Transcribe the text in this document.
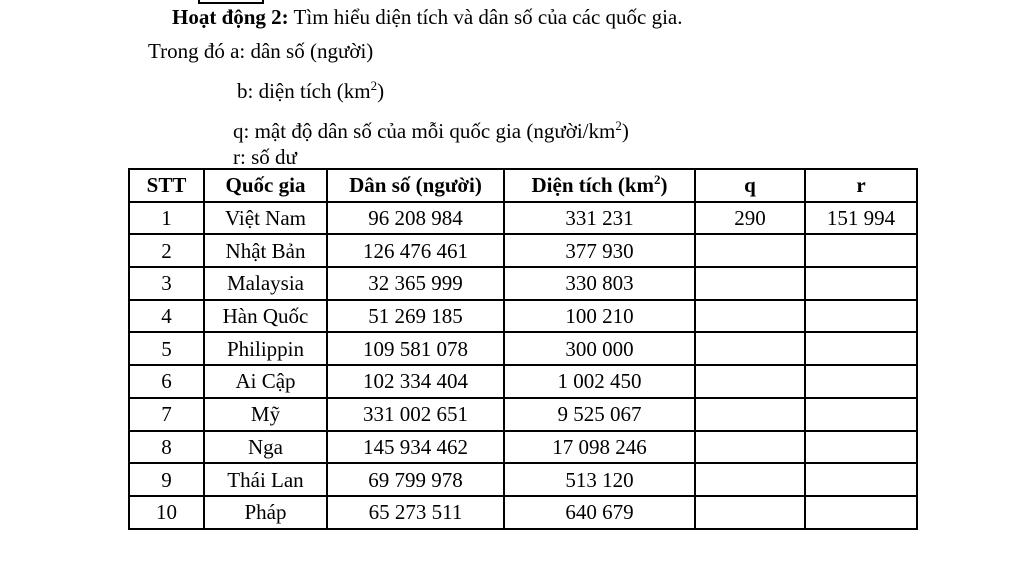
Hoạt động 2: Tìm hiểu diện tích và dân số của các quốc gia.
Trong đó a: dân số (người)
b: diện tích $(km^2)$
q: mật độ dân số của mỗi quốc gia $(người/km^2)$
r: số dư
STT	Quốc gia	Dân số (người)	Diện tích $(km^2)$	q	r
1	Việt Nam	96 208 984	331 231	290	151 994
2	Nhật Bản	126 476 461	377 930		
3	Malaysia	32 365 999	330 803		
4	Hàn Quốc	51 269 185	100 210		
5	Philippin	109 581 078	300 000		
6	Ai Cập	102 334 404	1 002 450		
7	Mỹ	331 002 651	9 525 067		
8	Nga	145 934 462	17 098 246		
9	Thái Lan	69 799 978	513 120		
10	Pháp	65 273 511	640 679		
